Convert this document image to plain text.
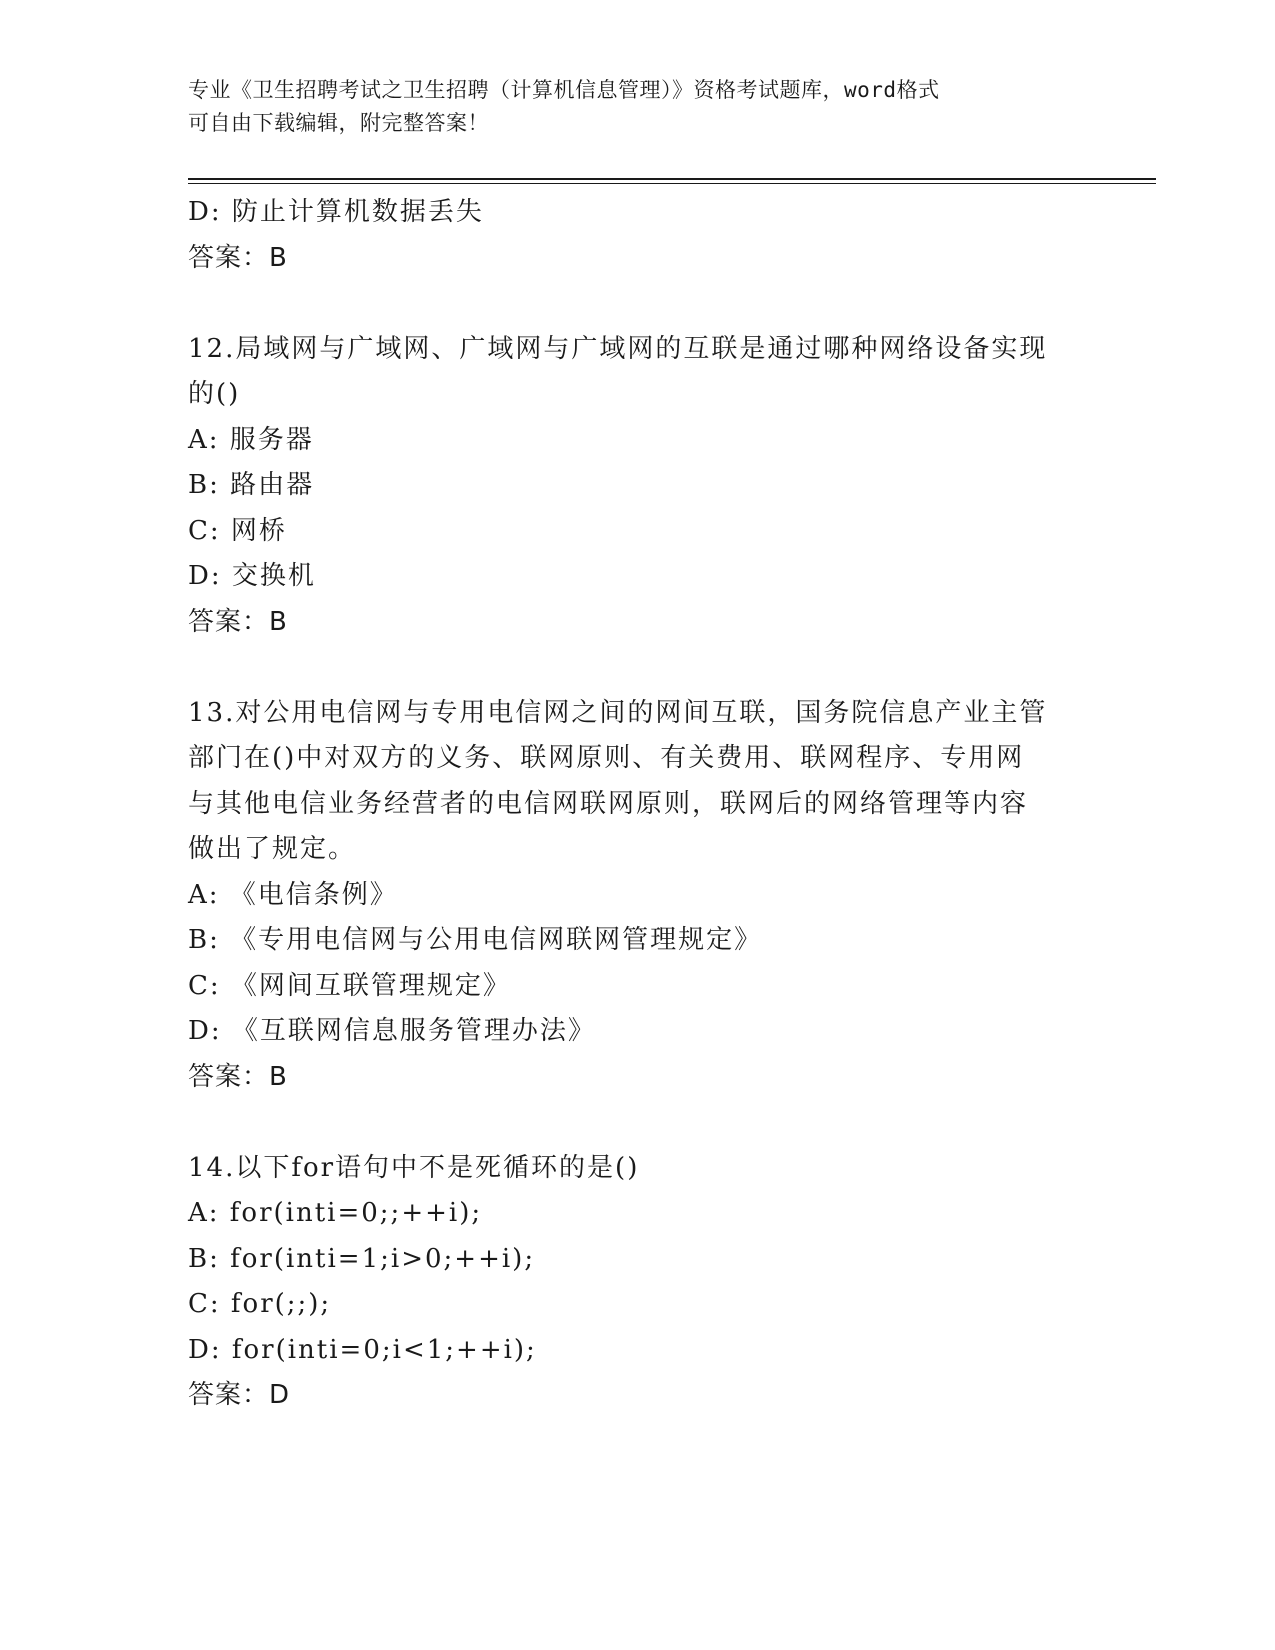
专业《卫生招聘考试之卫生招聘（计算机信息管理）》资格考试题库，word格式
可自由下载编辑，附完整答案！
D: 防止计算机数据丢失
答案：B
12.局域网与广域网、广域网与广域网的互联是通过哪种网络设备实现
的()
A: 服务器
B: 路由器
C: 网桥
D: 交换机
答案：B
13.对公用电信网与专用电信网之间的网间互联，国务院信息产业主管
部门在()中对双方的义务、联网原则、有关费用、联网程序、专用网
与其他电信业务经营者的电信网联网原则，联网后的网络管理等内容
做出了规定。
A: 《电信条例》
B: 《专用电信网与公用电信网联网管理规定》
C: 《网间互联管理规定》
D: 《互联网信息服务管理办法》
答案：B
14.以下for语句中不是死循环的是()
A: for(inti=0;;++i);
B: for(inti=1;i>0;++i);
C: for(;;);
D: for(inti=0;i<1;++i);
答案：D
